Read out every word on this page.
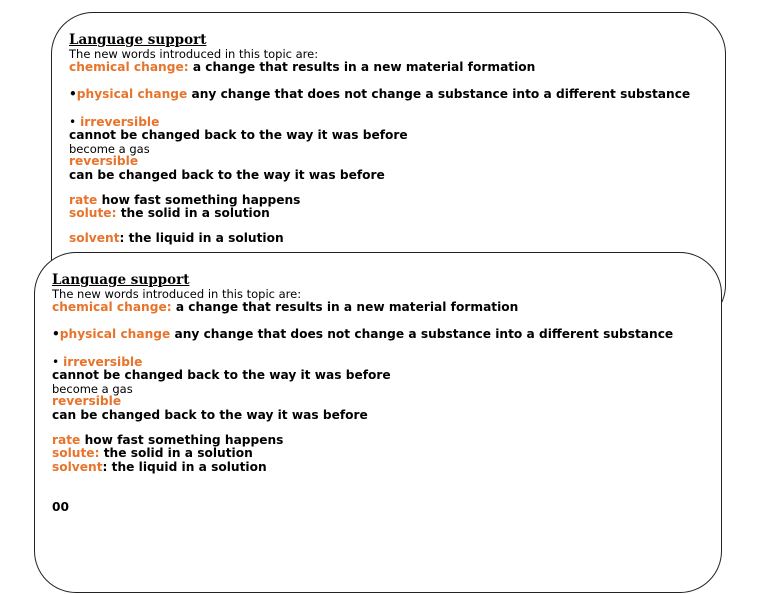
Language support
The new words introduced in this topic are:
chemical change: a change that results in a new material formation
•physical change any change that does not change a substance into a different substance
• irreversible
cannot be changed back to the way it was before
become a gas
reversible
can be changed back to the way it was before
rate how fast something happens
solute: the solid in a solution
solvent: the liquid in a solution
Language support
The new words introduced in this topic are:
chemical change: a change that results in a new material formation
•physical change any change that does not change a substance into a different substance
• irreversible
cannot be changed back to the way it was before
become a gas
reversible
can be changed back to the way it was before
rate how fast something happens
solute: the solid in a solution
solvent: the liquid in a solution
00
